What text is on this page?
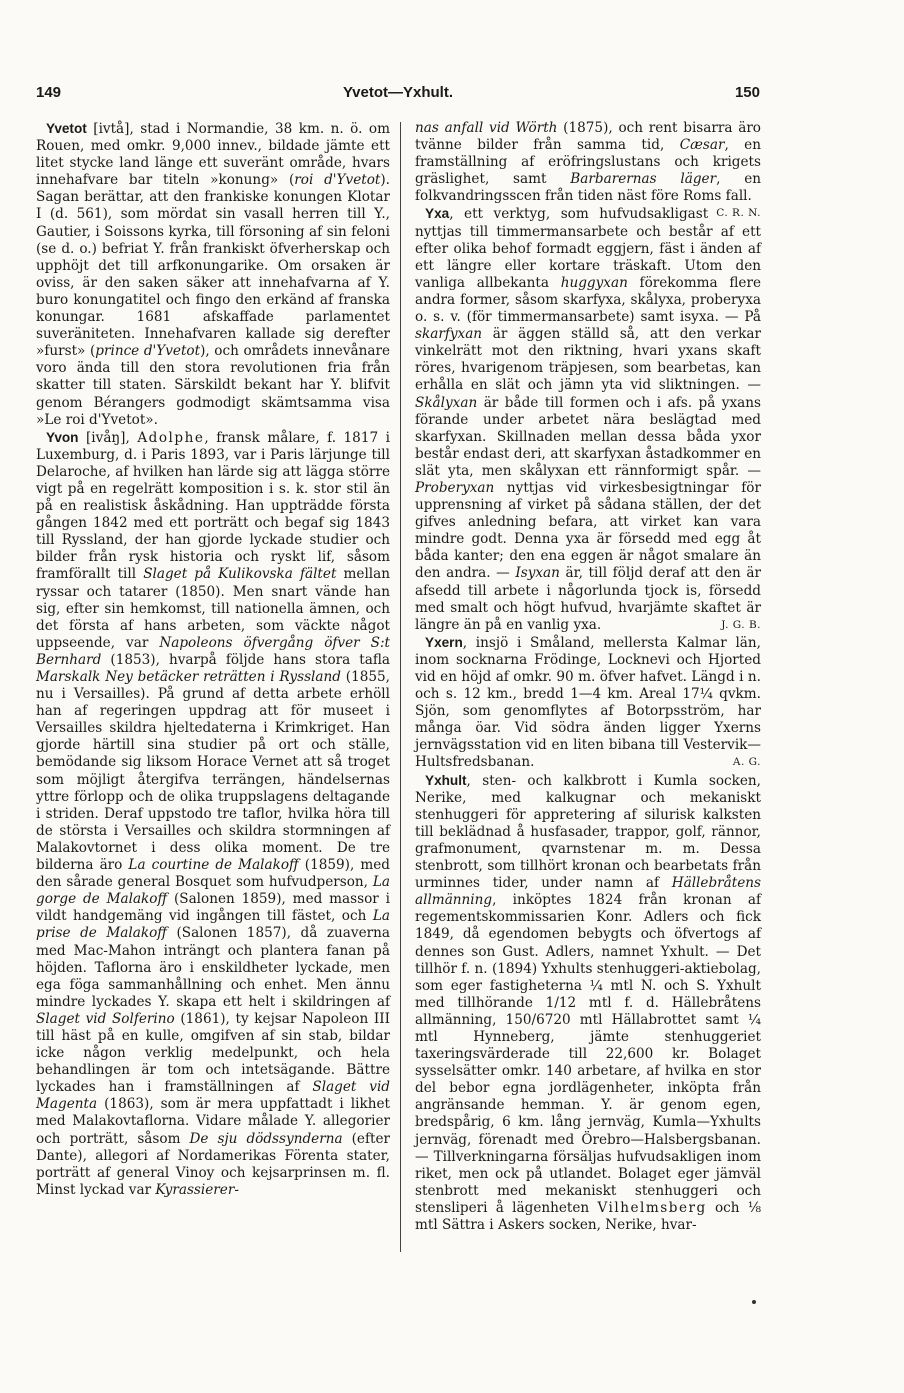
149	Yvetot—Yxhult.	150

Yvetot [ivtå], stad i Normandie, 38 km. n. ö. om Rouen, med omkr. 9,000 innev., bildade jämte ett litet stycke land länge ett suveränt område, hvars innehafvare bar titeln »konung» (roi d'Yvetot). Sagan berättar, att den frankiske konungen Klotar I (d. 561), som mördat sin vasall herren till Y., Gautier, i Soissons kyrka, till försoning af sin feloni (se d. o.) befriat Y. från frankiskt öfverherskap och upphöjt det till arfkonungarike. Om orsaken är oviss, är den saken säker att innehafvarna af Y. buro konungatitel och fingo den erkänd af franska konungar. 1681 afskaffade parlamentet suveräniteten. Innehafvaren kallade sig derefter »furst» (prince d'Yvetot), och områdets innevånare voro ända till den stora revolutionen fria från skatter till staten. Särskildt bekant har Y. blifvit genom Bérangers godmodigt skämtsamma visa »Le roi d'Yvetot».

Yvon [ivåŋ], Adolphe, fransk målare, f. 1817 i Luxemburg, d. i Paris 1893, var i Paris lärjunge till Delaroche, af hvilken han lärde sig att lägga större vigt på en regelrätt komposition i s. k. stor stil än på en realistisk åskådning. Han uppträdde första gången 1842 med ett porträtt och begaf sig 1843 till Ryssland, der han gjorde lyckade studier och bilder från rysk historia och ryskt lif, såsom framförallt till Slaget på Kulikovska fältet mellan ryssar och tatarer (1850). Men snart vände han sig, efter sin hemkomst, till nationella ämnen, och det första af hans arbeten, som väckte något uppseende, var Napoleons öfvergång öfver S:t Bernhard (1853), hvarpå följde hans stora tafla Marskalk Ney betäcker reträtten i Ryssland (1855, nu i Versailles). På grund af detta arbete erhöll han af regeringen uppdrag att för museet i Versailles skildra hjeltedaterna i Krimkriget. Han gjorde härtill sina studier på ort och ställe, bemödande sig liksom Horace Vernet att så troget som möjligt återgifva terrängen, händelsernas yttre förlopp och de olika truppslagens deltagande i striden. Deraf uppstodo tre taflor, hvilka höra till de största i Versailles och skildra stormningen af Malakovtornet i dess olika moment. De tre bilderna äro La courtine de Malakoff (1859), med den sårade general Bosquet som hufvudperson, La gorge de Malakoff (Salonen 1859), med massor i vildt handgemäng vid ingången till fästet, och La prise de Malakoff (Salonen 1857), då zuaverna med Mac-Mahon inträngt och plantera fanan på höjden. Taflorna äro i enskildheter lyckade, men ega föga sammanhållning och enhet. Men ännu mindre lyckades Y. skapa ett helt i skildringen af Slaget vid Solferino (1861), ty kejsar Napoleon III till häst på en kulle, omgifven af sin stab, bildar icke någon verklig medelpunkt, och hela behandlingen är tom och intetsägande. Bättre lyckades han i framställningen af Slaget vid Magenta (1863), som är mera uppfattadt i likhet med Malakovtaflorna. Vidare målade Y. allegorier och porträtt, såsom De sju dödssynderna (efter Dante), allegori af Nordamerikas Förenta stater, porträtt af general Vinoy och kejsarprinsen m. fl. Minst lyckad var Kyrassierer-

nas anfall vid Wörth (1875), och rent bisarra äro tvänne bilder från samma tid, Cæsar, en framställning af eröfringslustans och krigets gräslighet, samt Barbarernas läger, en folkvandringsscen från tiden näst före Roms fall.
C. R. N.

Yxa, ett verktyg, som hufvudsakligast nyttjas till timmermansarbete och består af ett efter olika behof formadt eggjern, fäst i änden af ett längre eller kortare träskaft. Utom den vanliga allbekanta huggyxan förekomma flere andra former, såsom skarfyxa, skålyxa, proberyxa o. s. v. (för timmermansarbete) samt isyxa. — På skarfyxan är äggen ställd så, att den verkar vinkelrätt mot den riktning, hvari yxans skaft röres, hvarigenom träpjesen, som bearbetas, kan erhålla en slät och jämn yta vid sliktningen. — Skålyxan är både till formen och i afs. på yxans förande under arbetet nära beslägtad med skarfyxan. Skillnaden mellan dessa båda yxor består endast deri, att skarfyxan åstadkommer en slät yta, men skålyxan ett rännformigt spår. — Proberyxan nyttjas vid virkesbesigtningar för upprensning af virket på sådana ställen, der det gifves anledning befara, att virket kan vara mindre godt. Denna yxa är försedd med egg åt båda kanter; den ena eggen är något smalare än den andra. — Isyxan är, till följd deraf att den är afsedd till arbete i någorlunda tjock is, försedd med smalt och högt hufvud, hvarjämte skaftet är längre än på en vanlig yxa.	J. G. B.

Yxern, insjö i Småland, mellersta Kalmar län, inom socknarna Frödinge, Locknevi och Hjorted vid en höjd af omkr. 90 m. öfver hafvet. Längd i n. och s. 12 km., bredd 1—4 km. Areal 17¼ qvkm. Sjön, som genomflytes af Botorpsström, har många öar. Vid södra änden ligger Yxerns jernvägsstation vid en liten bibana till Vestervik—Hultsfredsbanan.	A. G.

Yxhult, sten- och kalkbrott i Kumla socken, Nerike, med kalkugnar och mekaniskt stenhuggeri för appretering af silurisk kalksten till beklädnad å husfasader, trappor, golf, rännor, grafmonument, qvarnstenar m. m. Dessa stenbrott, som tillhört kronan och bearbetats från urminnes tider, under namn af Hällebråtens allmänning, inköptes 1824 från kronan af regementskommissarien Konr. Adlers och fick 1849, då egendomen bebygts och öfvertogs af dennes son Gust. Adlers, namnet Yxhult. — Det tillhör f. n. (1894) Yxhults stenhuggeri-aktiebolag, som eger fastigheterna ¼ mtl N. och S. Yxhult med tillhörande 1/12 mtl f. d. Hällebråtens allmänning, 150/6720 mtl Hällabrottet samt ¼ mtl Hynneberg, jämte stenhuggeriet taxeringsvärderade till 22,600 kr. Bolaget sysselsätter omkr. 140 arbetare, af hvilka en stor del bebor egna jordlägenheter, inköpta från angränsande hemman. Y. är genom egen, bredspårig, 6 km. lång jernväg, Kumla—Yxhults jernväg, förenadt med Örebro—Halsbergsbanan. — Tillverkningarna försäljas hufvudsakligen inom riket, men ock på utlandet. Bolaget eger jämväl stenbrott med mekaniskt stenhuggeri och stensliperi å lägenheten Vilhelmsberg och ⅛ mtl Sättra i Askers socken, Nerike, hvar-
